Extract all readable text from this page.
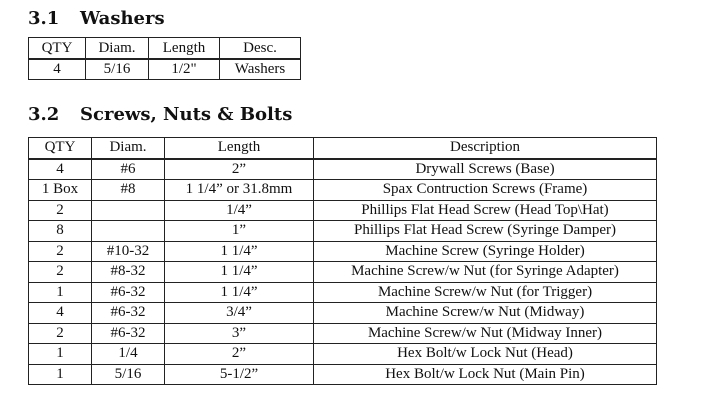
3.1 Washers
QTY	Diam.	Length	Desc.
4	5/16	1/2"	Washers
3.2 Screws, Nuts & Bolts
QTY	Diam.	Length	Description
4	#6	2”	Drywall Screws (Base)
1 Box	#8	1 1/4” or 31.8mm	Spax Contruction Screws (Frame)
2		1/4”	Phillips Flat Head Screw (Head Top\Hat)
8		1”	Phillips Flat Head Screw (Syringe Damper)
2	#10-32	1 1/4”	Machine Screw (Syringe Holder)
2	#8-32	1 1/4”	Machine Screw/w Nut (for Syringe Adapter)
1	#6-32	1 1/4”	Machine Screw/w Nut (for Trigger)
4	#6-32	3/4”	Machine Screw/w Nut (Midway)
2	#6-32	3”	Machine Screw/w Nut (Midway Inner)
1	1/4	2”	Hex Bolt/w Lock Nut (Head)
1	5/16	5-1/2”	Hex Bolt/w Lock Nut (Main Pin)
